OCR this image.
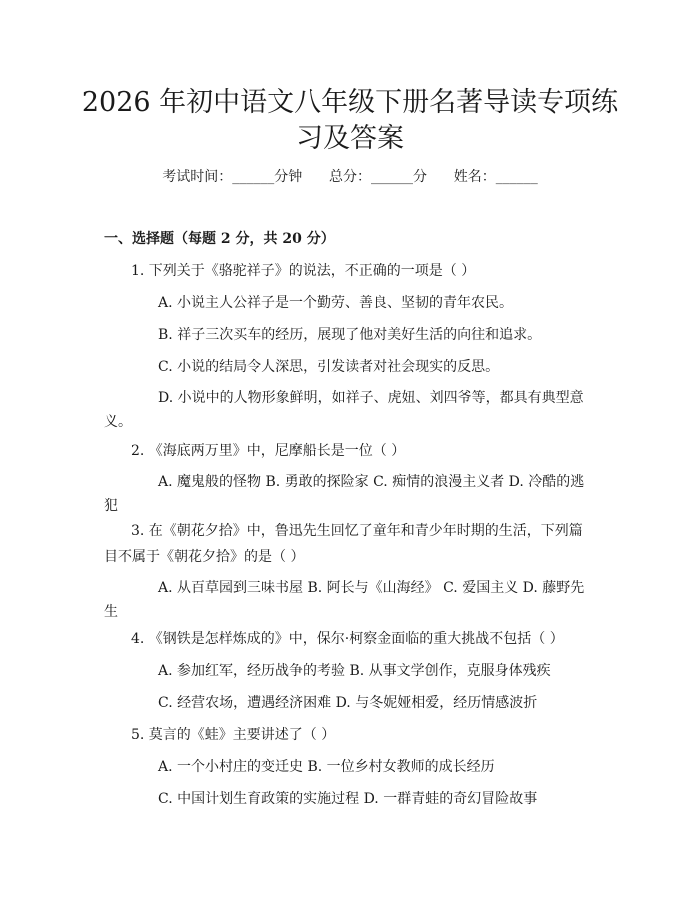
2026 年初中语文八年级下册名著导读专项练
习及答案
考试时间：______分钟      总分：______分      姓名：______
一、选择题（每题 2 分，共 20 分）

1. 下列关于《骆驼祥子》的说法，不正确的一项是（ ）

A. 小说主人公祥子是一个勤劳、善良、坚韧的青年农民。

B. 祥子三次买车的经历，展现了他对美好生活的向往和追求。

C. 小说的结局令人深思，引发读者对社会现实的反思。

D. 小说中的人物形象鲜明，如祥子、虎妞、刘四爷等，都具有典型意义。

2. 《海底两万里》中，尼摩船长是一位（ ）

A. 魔鬼般的怪物 B. 勇敢的探险家 C. 痴情的浪漫主义者 D. 冷酷的逃犯

3. 在《朝花夕拾》中，鲁迅先生回忆了童年和青少年时期的生活，下列篇目不属于《朝花夕拾》的是（ ）

A. 从百草园到三味书屋 B. 阿长与《山海经》 C. 爱国主义 D. 藤野先生

4. 《钢铁是怎样炼成的》中，保尔·柯察金面临的重大挑战不包括（ ）

A. 参加红军，经历战争的考验 B. 从事文学创作，克服身体残疾

C. 经营农场，遭遇经济困难 D. 与冬妮娅相爱，经历情感波折

5. 莫言的《蛙》主要讲述了（ ）

A. 一个小村庄的变迁史 B. 一位乡村女教师的成长经历

C. 中国计划生育政策的实施过程 D. 一群青蛙的奇幻冒险故事
